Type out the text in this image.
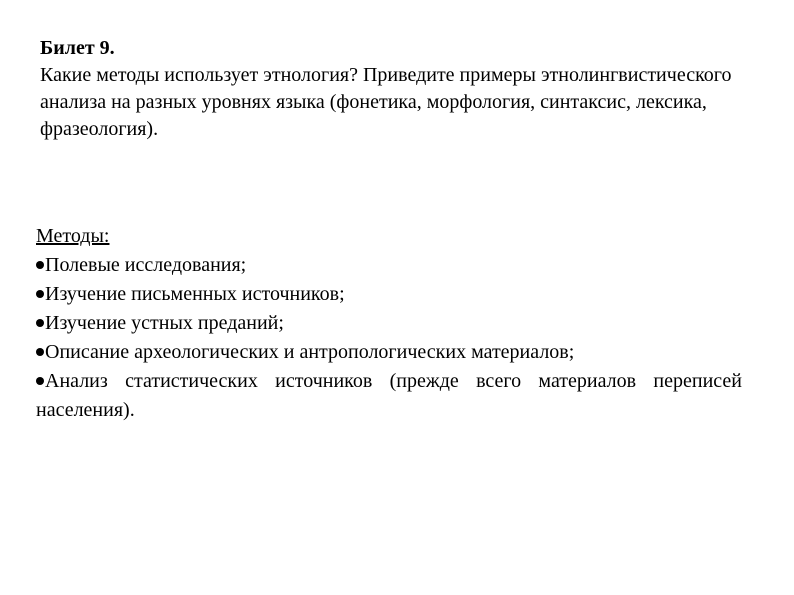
Билет 9.
Какие методы использует этнология? Приведите примеры этнолингвистического анализа на разных уровнях языка (фонетика, морфология, синтаксис, лексика, фразеология).
Методы:
Полевые исследования;
Изучение письменных источников;
Изучение устных преданий;
Описание археологических и антропологических материалов;
Анализ статистических источников (прежде всего материалов переписей населения).
